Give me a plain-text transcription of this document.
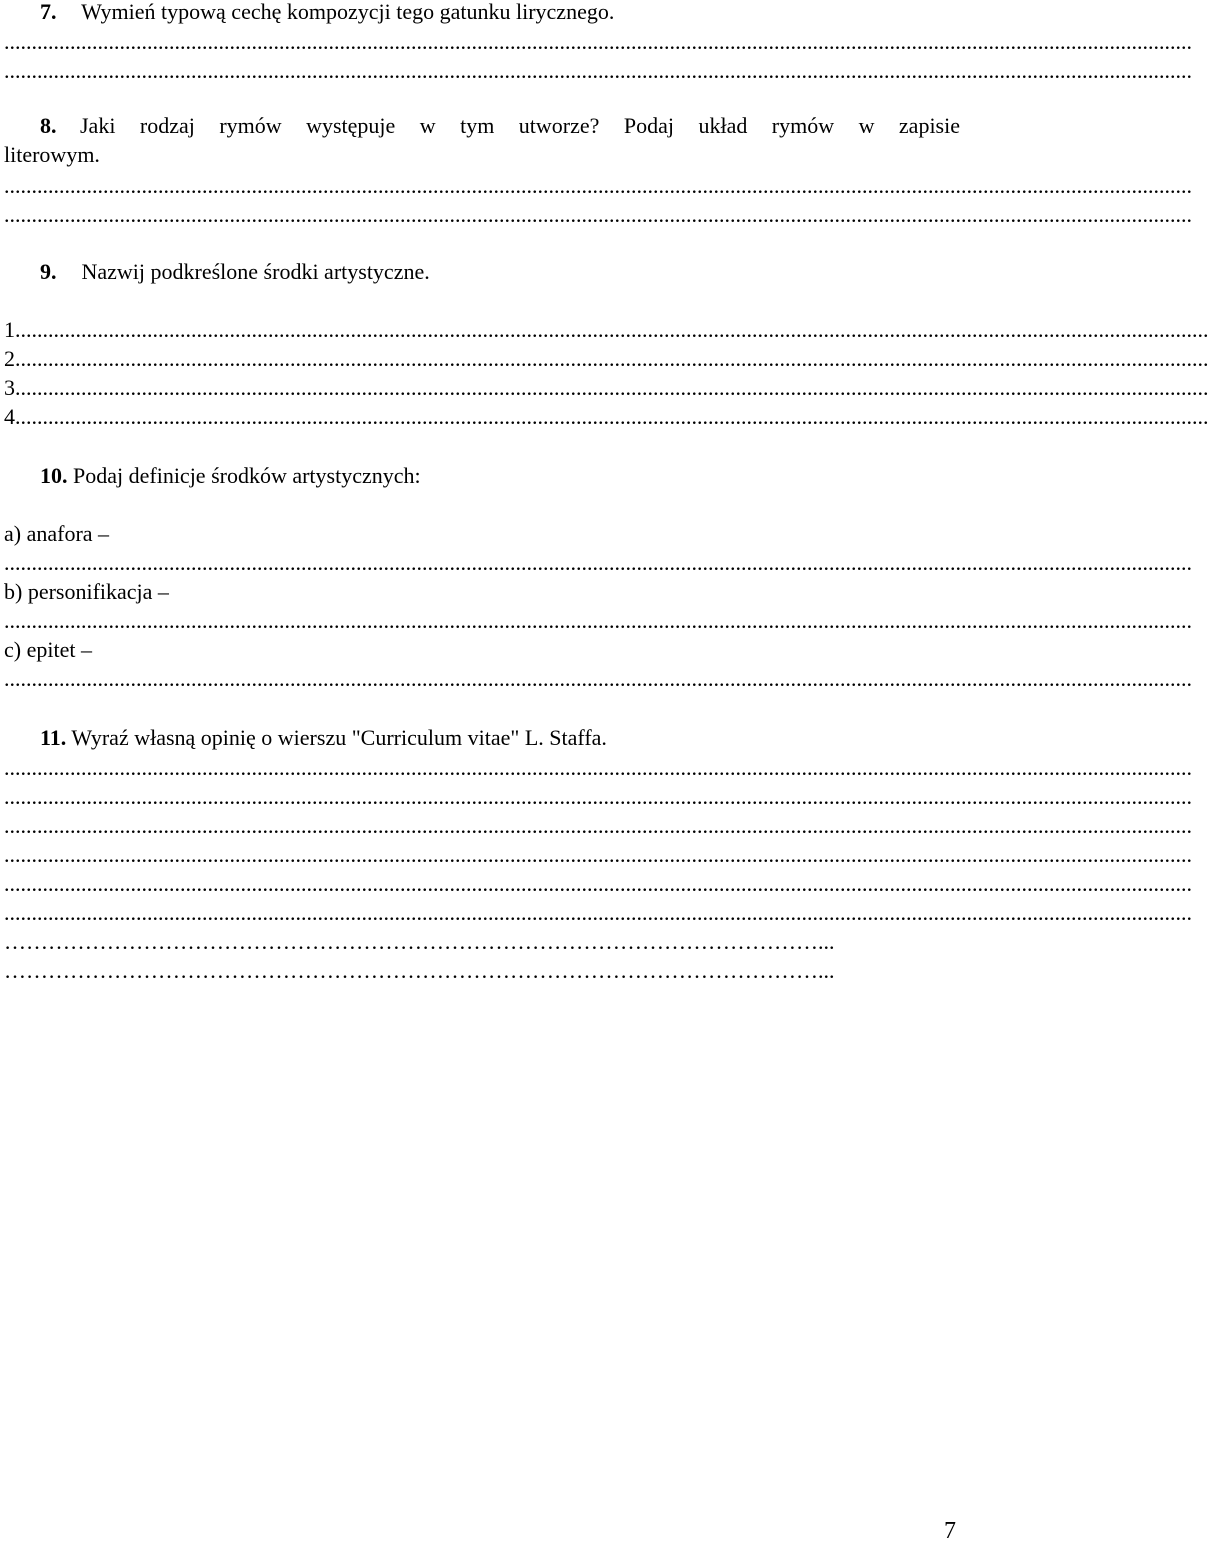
7. Wymień typową cechę kompozycji tego gatunku lirycznego.
........................................................................................................................................................................................................................
........................................................................................................................................................................................................................
8. Jaki rodzaj rymów występuje w tym utworze? Podaj układ rymów w zapisie
literowym.
........................................................................................................................................................................................................................
........................................................................................................................................................................................................................
9. Nazwij podkreślone środki artystyczne.
1.........................................................................................................................................................................................................................
2.........................................................................................................................................................................................................................
3.........................................................................................................................................................................................................................
4.........................................................................................................................................................................................................................
10. Podaj definicje środków artystycznych:
a) anafora –
........................................................................................................................................................................................................................
b) personifikacja –
........................................................................................................................................................................................................................
c) epitet –
........................................................................................................................................................................................................................
11. Wyraź własną opinię o wierszu "Curriculum vitae" L. Staffa.
........................................................................................................................................................................................................................
........................................................................................................................................................................................................................
........................................................................................................................................................................................................................
........................................................................................................................................................................................................................
........................................................................................................................................................................................................................
........................................................................................................................................................................................................................
…………………………………………………………………………………………………...
…………………………………………………………………………………………………...
7
